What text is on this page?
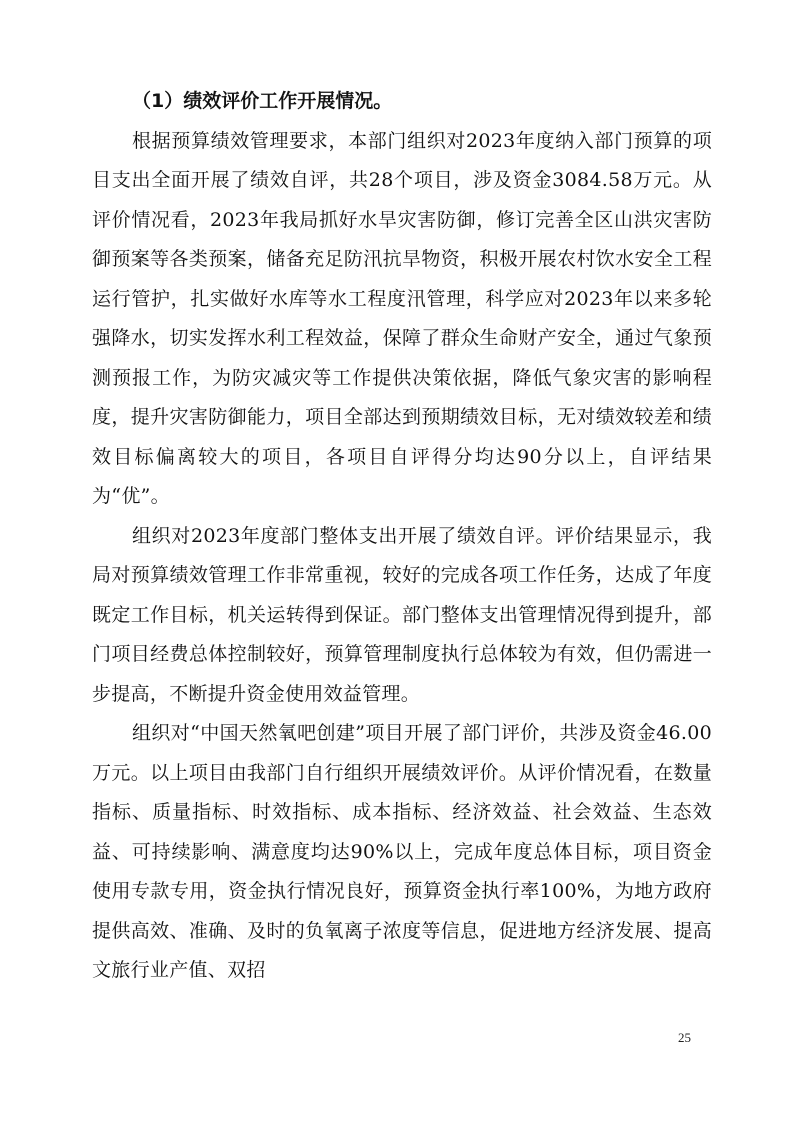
（1）绩效评价工作开展情况。

根据预算绩效管理要求，本部门组织对2023年度纳入部门预算的项目支出全面开展了绩效自评，共28个项目，涉及资金3084.58万元。从评价情况看，2023年我局抓好水旱灾害防御，修订完善全区山洪灾害防御预案等各类预案，储备充足防汛抗旱物资，积极开展农村饮水安全工程运行管护，扎实做好水库等水工程度汛管理，科学应对2023年以来多轮强降水，切实发挥水利工程效益，保障了群众生命财产安全，通过气象预测预报工作，为防灾减灾等工作提供决策依据，降低气象灾害的影响程度，提升灾害防御能力，项目全部达到预期绩效目标，无对绩效较差和绩效目标偏离较大的项目，各项目自评得分均达90分以上，自评结果为“优”。

组织对2023年度部门整体支出开展了绩效自评。评价结果显示，我局对预算绩效管理工作非常重视，较好的完成各项工作任务，达成了年度既定工作目标，机关运转得到保证。部门整体支出管理情况得到提升，部门项目经费总体控制较好，预算管理制度执行总体较为有效，但仍需进一步提高，不断提升资金使用效益管理。

组织对“中国天然氧吧创建”项目开展了部门评价，共涉及资金46.00万元。以上项目由我部门自行组织开展绩效评价。从评价情况看，在数量指标、质量指标、时效指标、成本指标、经济效益、社会效益、生态效益、可持续影响、满意度均达90%以上，完成年度总体目标，项目资金使用专款专用，资金执行情况良好，预算资金执行率100%，为地方政府提供高效、准确、及时的负氧离子浓度等信息，促进地方经济发展、提高文旅行业产值、双招

25
